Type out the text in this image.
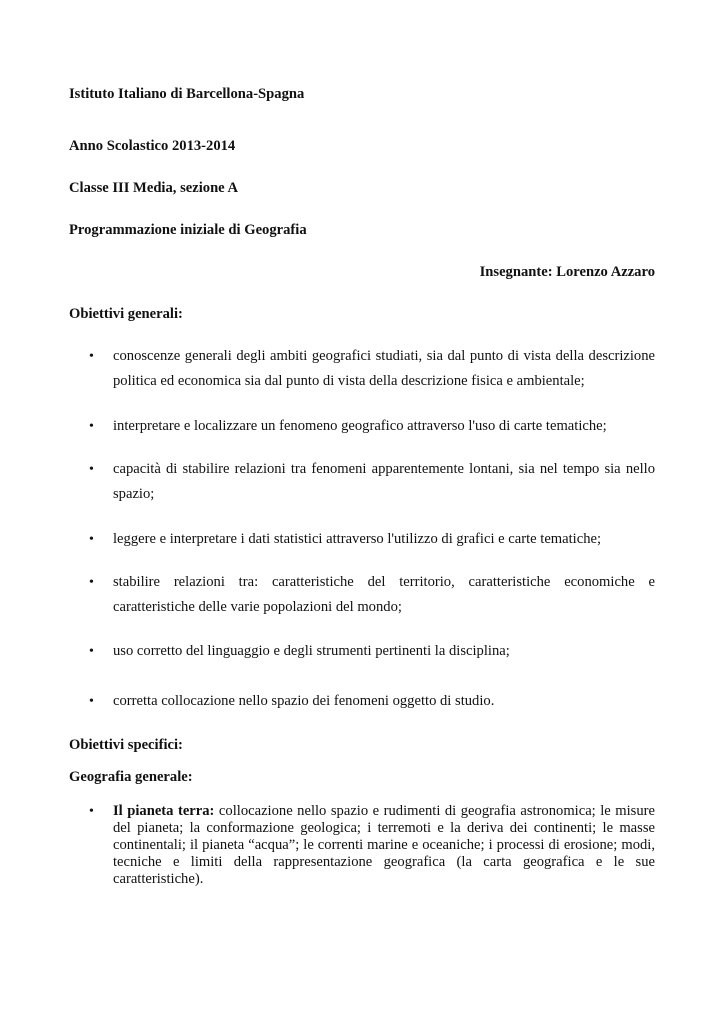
Istituto Italiano di Barcellona-Spagna
Anno Scolastico 2013-2014
Classe III Media, sezione A
Programmazione iniziale di Geografia
Insegnante: Lorenzo Azzaro
Obiettivi generali:
•	conoscenze generali degli ambiti geografici studiati, sia dal punto di vista della descrizione politica ed economica sia dal punto di vista della descrizione fisica e ambientale;
•	interpretare e localizzare un fenomeno geografico attraverso l'uso di carte tematiche;
•	capacità di stabilire relazioni tra fenomeni apparentemente lontani, sia nel tempo sia nello spazio;
•	leggere e interpretare i dati statistici attraverso l'utilizzo di grafici e carte tematiche;
•	stabilire relazioni tra: caratteristiche del territorio, caratteristiche economiche e caratteristiche delle varie popolazioni del mondo;
•	uso corretto del linguaggio e degli strumenti pertinenti la disciplina;
•	corretta collocazione nello spazio dei fenomeni oggetto di studio.
Obiettivi specifici:
Geografia generale:
•	Il pianeta terra: collocazione nello spazio e rudimenti di geografia astronomica; le misure del pianeta; la conformazione geologica; i terremoti e la deriva dei continenti; le masse continentali; il pianeta “acqua”; le correnti marine e oceaniche; i processi di erosione; modi, tecniche e limiti della rappresentazione geografica (la carta geografica e le sue caratteristiche).
